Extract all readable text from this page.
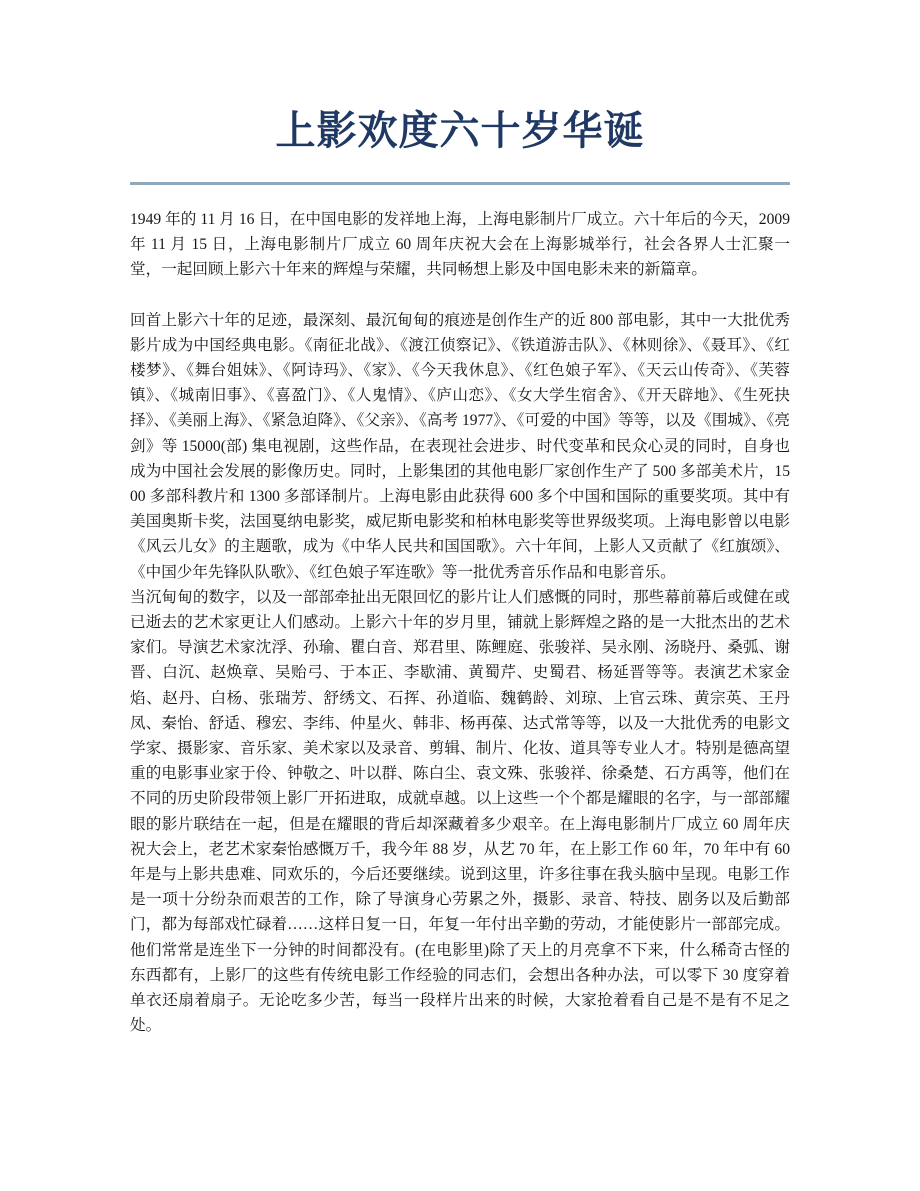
上影欢度六十岁华诞

1949 年的 11 月 16 日，在中国电影的发祥地上海，上海电影制片厂成立。六十年后的今天，2009 年 11 月 15 日，上海电影制片厂成立 60 周年庆祝大会在上海影城举行，社会各界人士汇聚一堂，一起回顾上影六十年来的辉煌与荣耀，共同畅想上影及中国电影未来的新篇章。

回首上影六十年的足迹，最深刻、最沉甸甸的痕迹是创作生产的近 800 部电影，其中一大批优秀影片成为中国经典电影。《南征北战》、《渡江侦察记》、《铁道游击队》、《林则徐》、《聂耳》、《红楼梦》、《舞台姐妹》、《阿诗玛》、《家》、《今天我休息》、《红色娘子军》、《天云山传奇》、《芙蓉镇》、《城南旧事》、《喜盈门》、《人鬼情》、《庐山恋》、《女大学生宿舍》、《开天辟地》、《生死抉择》、《美丽上海》、《紧急迫降》、《父亲》、《高考 1977》、《可爱的中国》等等，以及《围城》、《亮剑》等 15000(部) 集电视剧，这些作品，在表现社会进步、时代变革和民众心灵的同时，自身也成为中国社会发展的影像历史。同时，上影集团的其他电影厂家创作生产了 500 多部美术片，1500 多部科教片和 1300 多部译制片。上海电影由此获得 600 多个中国和国际的重要奖项。其中有美国奥斯卡奖，法国戛纳电影奖，威尼斯电影奖和柏林电影奖等世界级奖项。上海电影曾以电影《风云儿女》的主题歌，成为《中华人民共和国国歌》。六十年间，上影人又贡献了《红旗颂》、《中国少年先锋队队歌》、《红色娘子军连歌》等一批优秀音乐作品和电影音乐。

当沉甸甸的数字，以及一部部牵扯出无限回忆的影片让人们感慨的同时，那些幕前幕后或健在或已逝去的艺术家更让人们感动。上影六十年的岁月里，铺就上影辉煌之路的是一大批杰出的艺术家们。导演艺术家沈浮、孙瑜、瞿白音、郑君里、陈鲤庭、张骏祥、吴永刚、汤晓丹、桑弧、谢晋、白沉、赵焕章、吴贻弓、于本正、李歇浦、黄蜀芹、史蜀君、杨延晋等等。表演艺术家金焰、赵丹、白杨、张瑞芳、舒绣文、石挥、孙道临、魏鹤龄、刘琼、上官云珠、黄宗英、王丹凤、秦怡、舒适、穆宏、李纬、仲星火、韩非、杨再葆、达式常等等，以及一大批优秀的电影文学家、摄影家、音乐家、美术家以及录音、剪辑、制片、化妆、道具等专业人才。特别是德高望重的电影事业家于伶、钟敬之、叶以群、陈白尘、袁文殊、张骏祥、徐桑楚、石方禹等，他们在不同的历史阶段带领上影厂开拓进取，成就卓越。以上这些一个个都是耀眼的名字，与一部部耀眼的影片联结在一起，但是在耀眼的背后却深藏着多少艰辛。在上海电影制片厂成立 60 周年庆祝大会上，老艺术家秦怡感慨万千，我今年 88 岁，从艺 70 年，在上影工作 60 年，70 年中有 60 年是与上影共患难、同欢乐的，今后还要继续。说到这里，许多往事在我头脑中呈现。电影工作是一项十分纷杂而艰苦的工作，除了导演身心劳累之外，摄影、录音、特技、剧务以及后勤部门，都为每部戏忙碌着……这样日复一日，年复一年付出辛勤的劳动，才能使影片一部部完成。他们常常是连坐下一分钟的时间都没有。(在电影里)除了天上的月亮拿不下来，什么稀奇古怪的东西都有，上影厂的这些有传统电影工作经验的同志们，会想出各种办法，可以零下 30 度穿着单衣还扇着扇子。无论吃多少苦，每当一段样片出来的时候，大家抢着看自己是不是有不足之处。
